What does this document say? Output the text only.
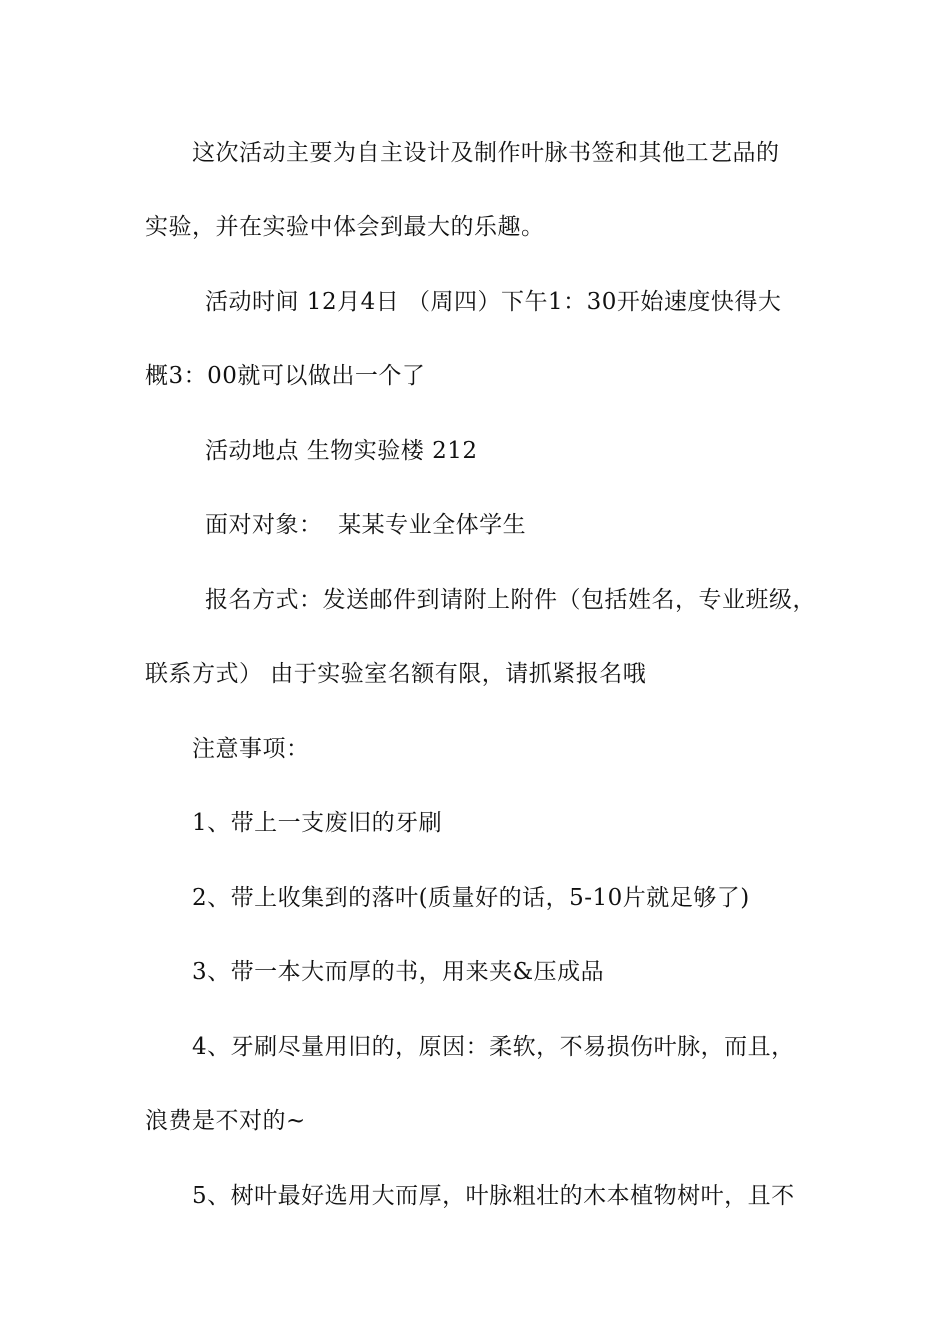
这次活动主要为自主设计及制作叶脉书签和其他工艺品的
实验，并在实验中体会到最大的乐趣。
活动时间 12月4日 （周四）下午1：30开始速度快得大
概3：00就可以做出一个了
活动地点 生物实验楼 212
面对对象：  某某专业全体学生
报名方式：发送邮件到请附上附件（包括姓名，专业班级，
联系方式） 由于实验室名额有限，请抓紧报名哦
注意事项：
1、带上一支废旧的牙刷
2、带上收集到的落叶(质量好的话，5-10片就足够了)
3、带一本大而厚的书，用来夹&压成品
4、牙刷尽量用旧的，原因：柔软，不易损伤叶脉，而且，
浪费是不对的~
5、树叶最好选用大而厚，叶脉粗壮的木本植物树叶，且不
